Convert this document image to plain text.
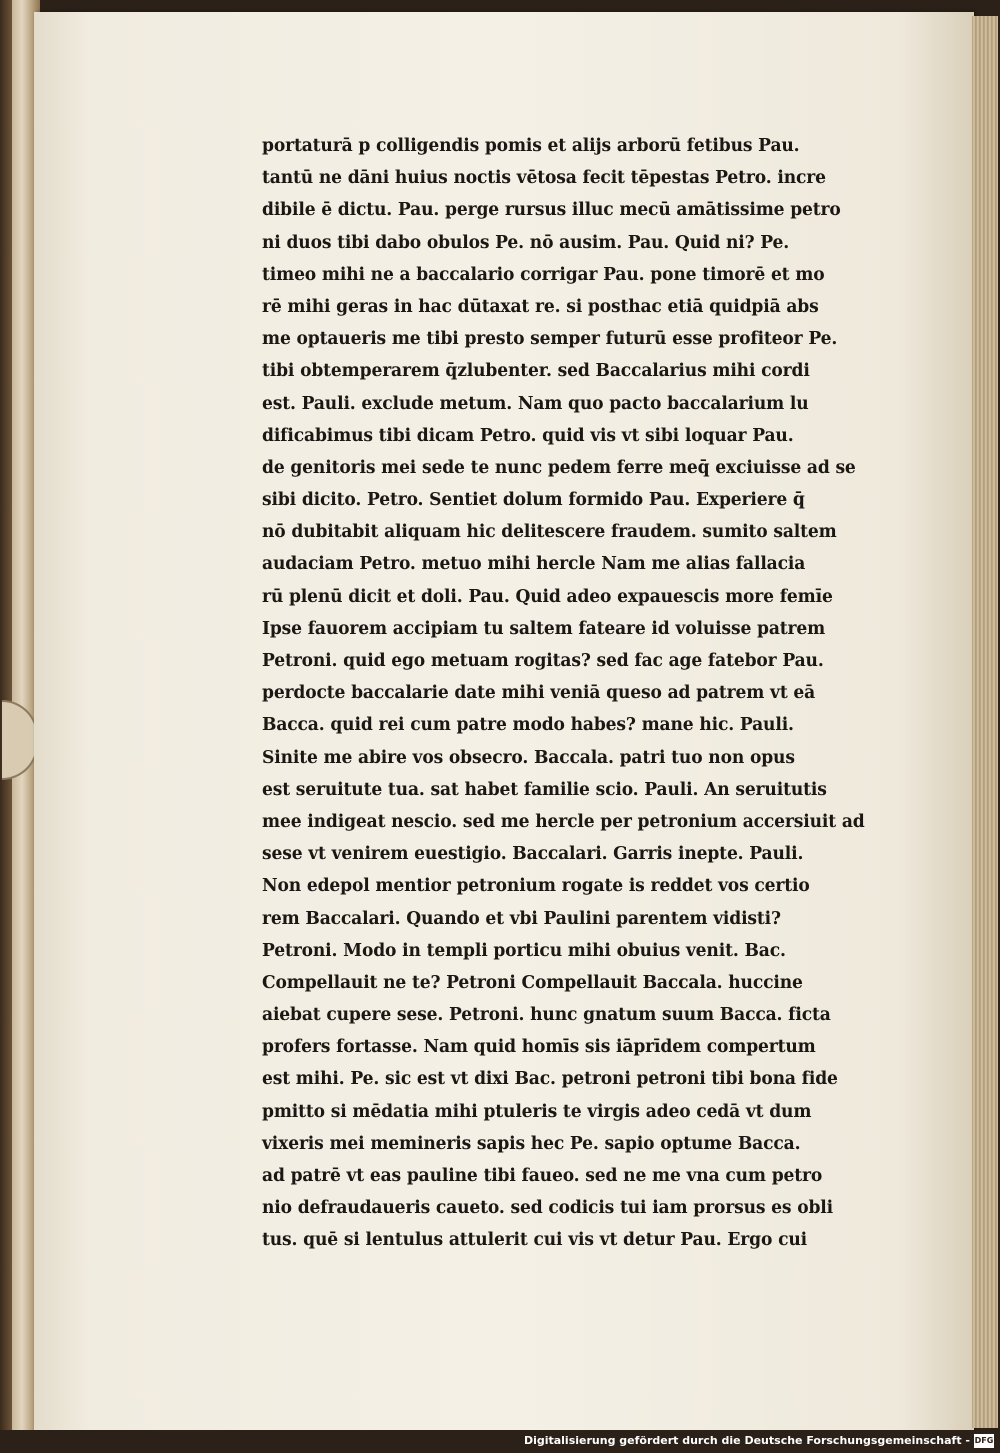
portaturā p colligendis pomis et alijs arborū fetibus Pau.
tantū ne dāni huius noctis vētosa fecit tēpestas Petro. incre
dibile ē dictu. Pau. perge rursus illuc mecū amātissime petro
ni duos tibi dabo obulos Pe. nō ausim. Pau. Quid ni? Pe.
timeo mihi ne a baccalario corrigar Pau. pone timorē et mo
rē mihi geras in hac dūtaxat re. si posthac etiā quidpiā abs
me optaueris me tibi presto semper futurū esse profiteor Pe.
tibi obtemperarem q̄zlubenter. sed Baccalarius mihi cordi
est. Pauli. exclude metum. Nam quo pacto baccalarium lu
dificabimus tibi dicam Petro. quid vis vt sibi loquar Pau.
de genitoris mei sede te nunc pedem ferre meq̄ exciuisse ad se
sibi dicito. Petro. Sentiet dolum formido Pau. Experiere q̄
nō dubitabit aliquam hic delitescere fraudem. sumito saltem
audaciam Petro. metuo mihi hercle Nam me alias fallacia
rū plenū dicit et doli. Pau. Quid adeo expauescis more femīe
Ipse fauorem accipiam tu saltem fateare id voluisse patrem
Petroni. quid ego metuam rogitas? sed fac age fatebor Pau.
perdocte baccalarie date mihi veniā queso ad patrem vt eā
Bacca. quid rei cum patre modo habes? mane hic. Pauli.
Sinite me abire vos obsecro. Baccala. patri tuo non opus
est seruitute tua. sat habet familie scio. Pauli. An seruitutis
mee indigeat nescio. sed me hercle per petronium accersiuit ad
sese vt venirem euestigio. Baccalari. Garris inepte. Pauli.
Non edepol mentior petronium rogate is reddet vos certio
rem Baccalari. Quando et vbi Paulini parentem vidisti?
Petroni. Modo in templi porticu mihi obuius venit. Bac.
Compellauit ne te? Petroni Compellauit Baccala. huccine
aiebat cupere sese. Petroni. hunc gnatum suum Bacca. ficta
profers fortasse. Nam quid homīs sis iāprīdem compertum
est mihi. Pe. sic est vt dixi Bac. petroni petroni tibi bona fide
pmitto si mēdatia mihi ptuleris te virgis adeo cedā vt dum
vixeris mei memineris sapis hec Pe. sapio optume Bacca.
ad patrē vt eas pauline tibi faueo. sed ne me vna cum petro
nio defraudaueris caueto. sed codicis tui iam prorsus es obli
tus. quē si lentulus attulerit cui vis vt detur Pau. Ergo cui
Digitalisierung gefördert durch die Deutsche Forschungsgemeinschaft - DFG
